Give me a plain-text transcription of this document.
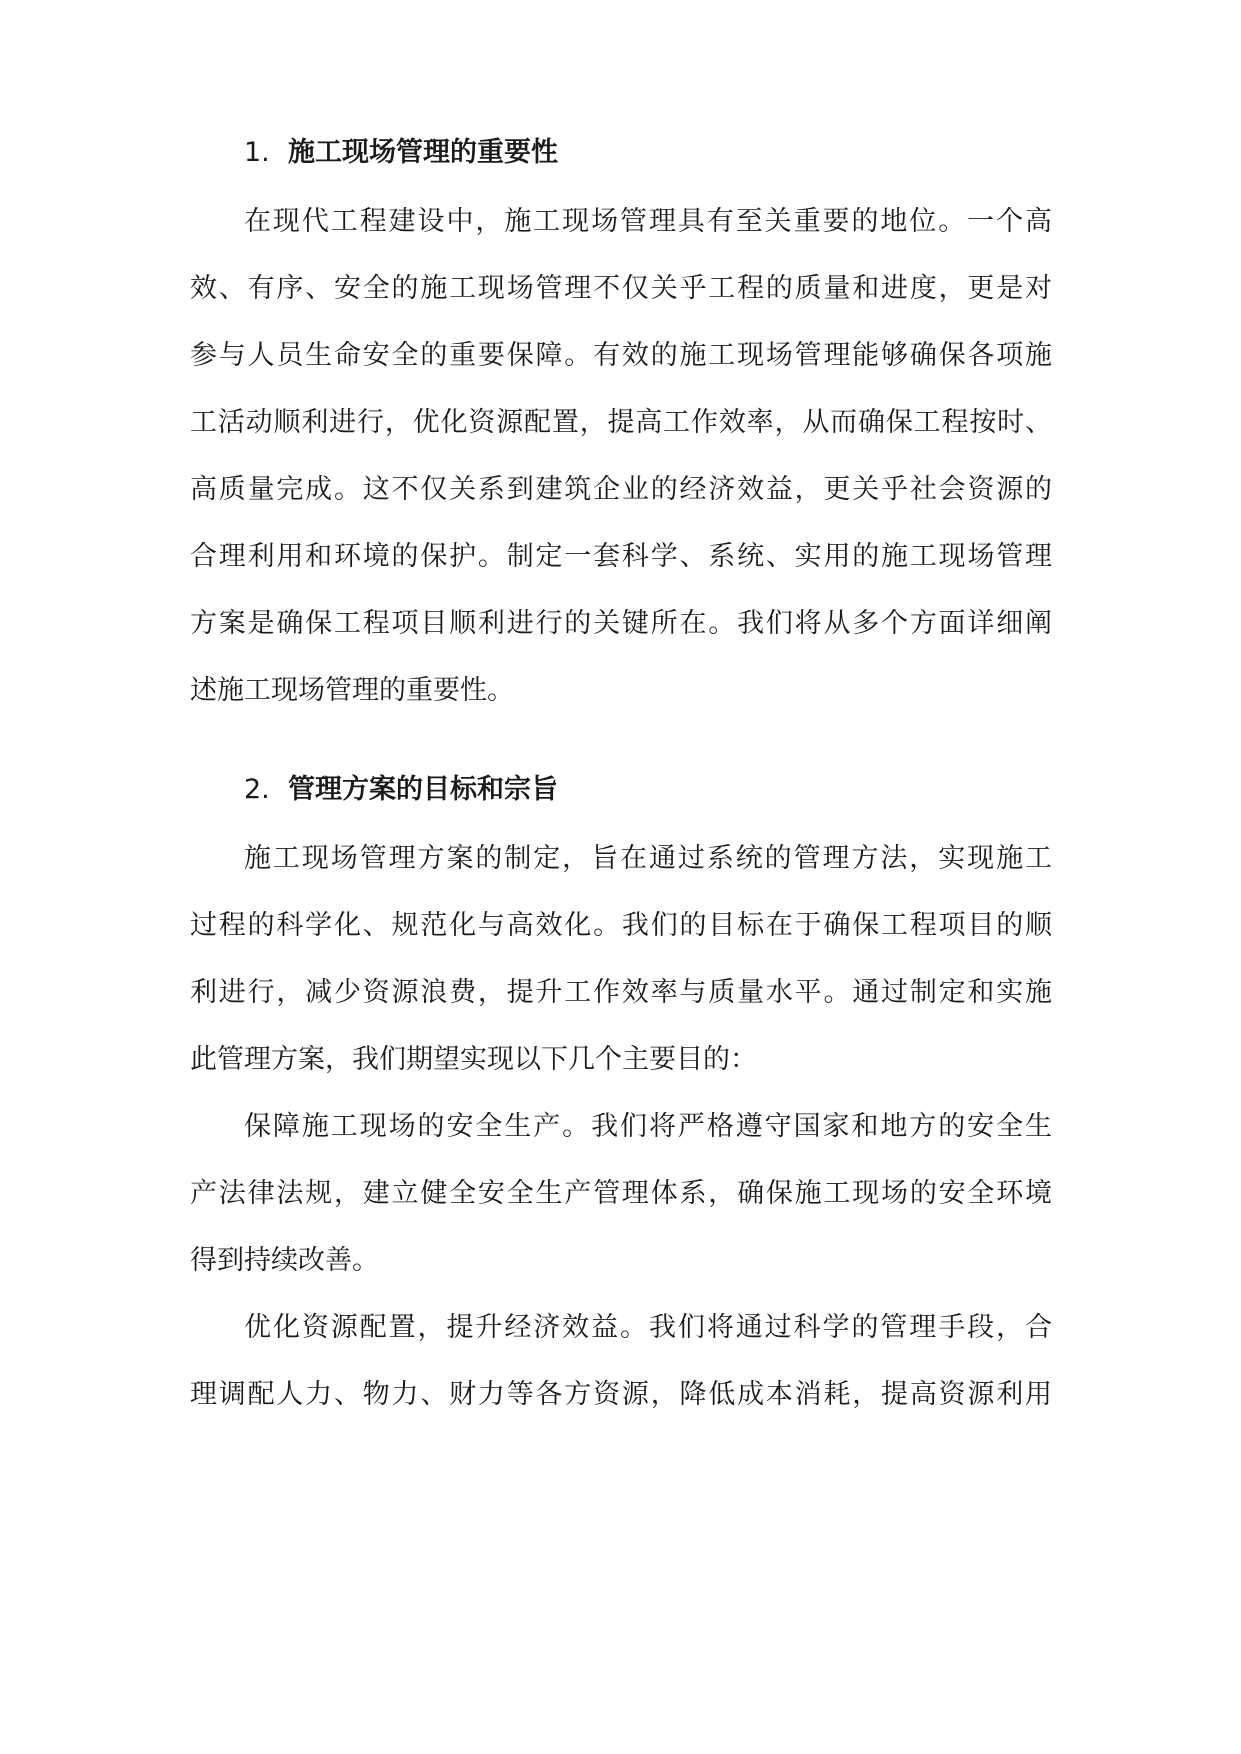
1. 施工现场管理的重要性
在现代工程建设中，施工现场管理具有至关重要的地位。一个高
效、有序、安全的施工现场管理不仅关乎工程的质量和进度，更是对
参与人员生命安全的重要保障。有效的施工现场管理能够确保各项施
工活动顺利进行，优化资源配置，提高工作效率，从而确保工程按时、
高质量完成。这不仅关系到建筑企业的经济效益，更关乎社会资源的
合理利用和环境的保护。制定一套科学、系统、实用的施工现场管理
方案是确保工程项目顺利进行的关键所在。我们将从多个方面详细阐
述施工现场管理的重要性。
2. 管理方案的目标和宗旨
施工现场管理方案的制定，旨在通过系统的管理方法，实现施工
过程的科学化、规范化与高效化。我们的目标在于确保工程项目的顺
利进行，减少资源浪费，提升工作效率与质量水平。通过制定和实施
此管理方案，我们期望实现以下几个主要目的：
保障施工现场的安全生产。我们将严格遵守国家和地方的安全生
产法律法规，建立健全安全生产管理体系，确保施工现场的安全环境
得到持续改善。
优化资源配置，提升经济效益。我们将通过科学的管理手段，合
理调配人力、物力、财力等各方资源，降低成本消耗，提高资源利用
